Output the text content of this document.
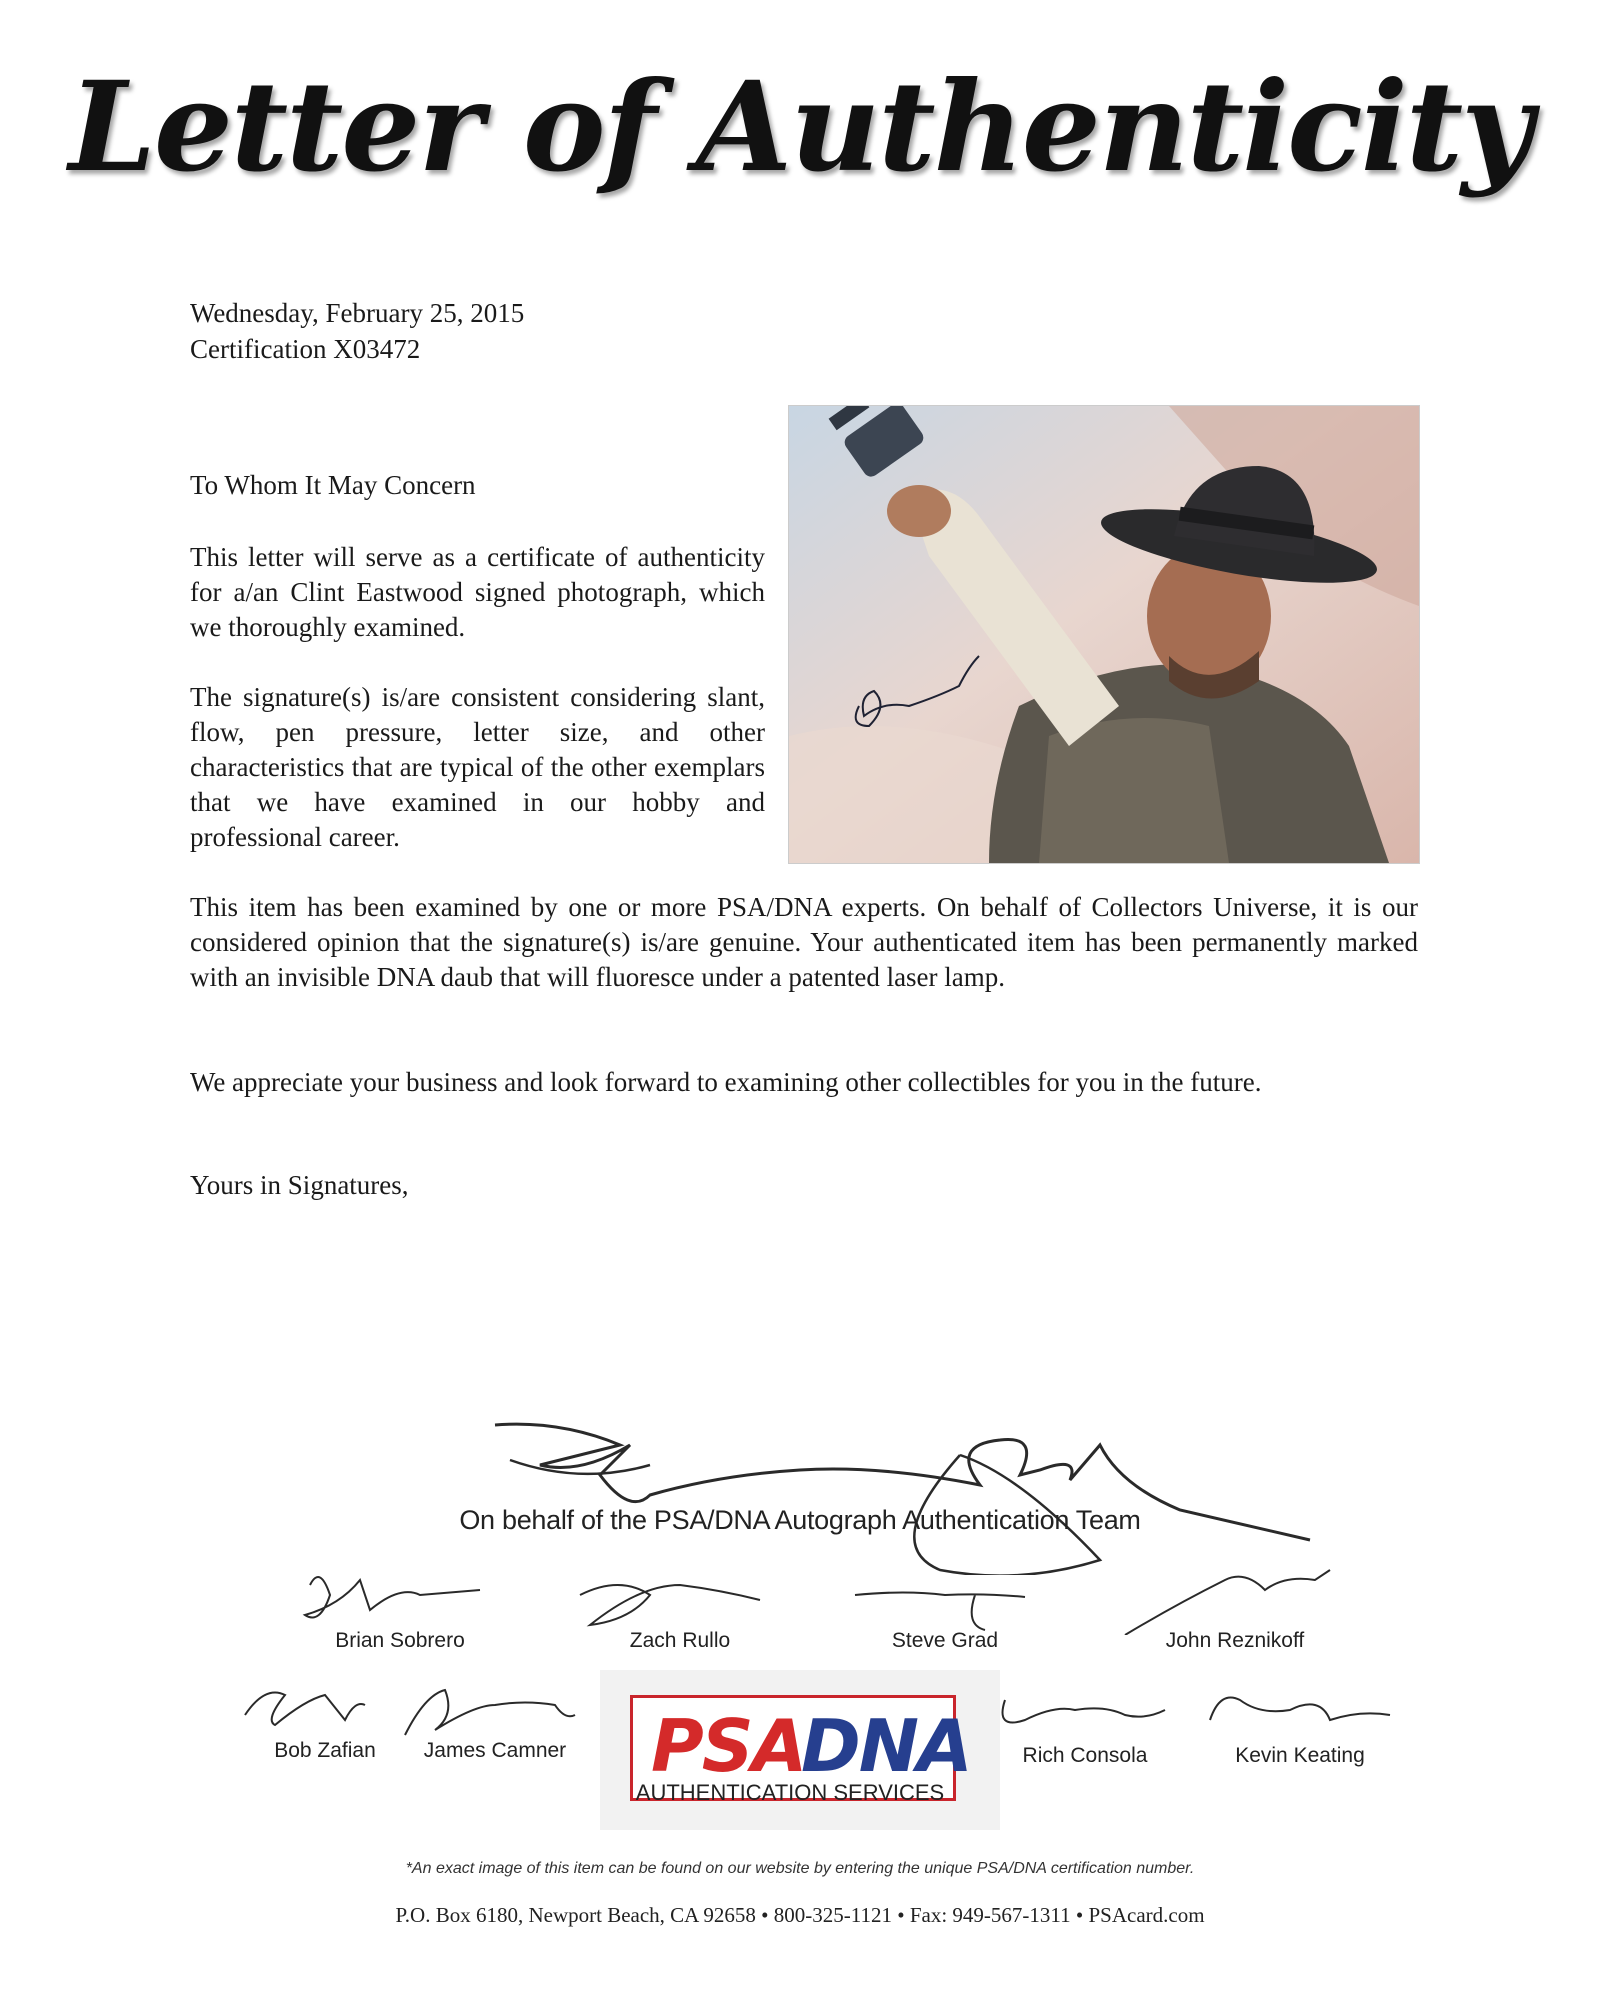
Letter of Authenticity
Wednesday, February 25, 2015
Certification X03472
To Whom It May Concern

This letter will serve as a certificate of authenticity for a/an Clint Eastwood signed photograph, which we thoroughly examined.

The signature(s) is/are consistent considering slant, flow, pen pressure, letter size, and other characteristics that are typical of the other exemplars that we have examined in our hobby and professional career.

This item has been examined by one or more PSA/DNA experts. On behalf of Collectors Universe, it is our considered opinion that the signature(s) is/are genuine. Your authenticated item has been permanently marked with an invisible DNA daub that will fluoresce under a patented laser lamp.

We appreciate your business and look forward to examining other collectibles for you in the future.

Yours in Signatures,
On behalf of the PSA/DNA Autograph Authentication Team
Brian Sobrero	Zach Rullo	Steve Grad	John Reznikoff
Bob Zafian	James Camner	Rich Consola	Kevin Keating
PSA
DNA
AUTHENTICATION SERVICES
*An exact image of this item can be found on our website by entering the unique PSA/DNA certification number.
P.O. Box 6180, Newport Beach, CA 92658 • 800-325-1121 • Fax: 949-567-1311 • PSAcard.com
